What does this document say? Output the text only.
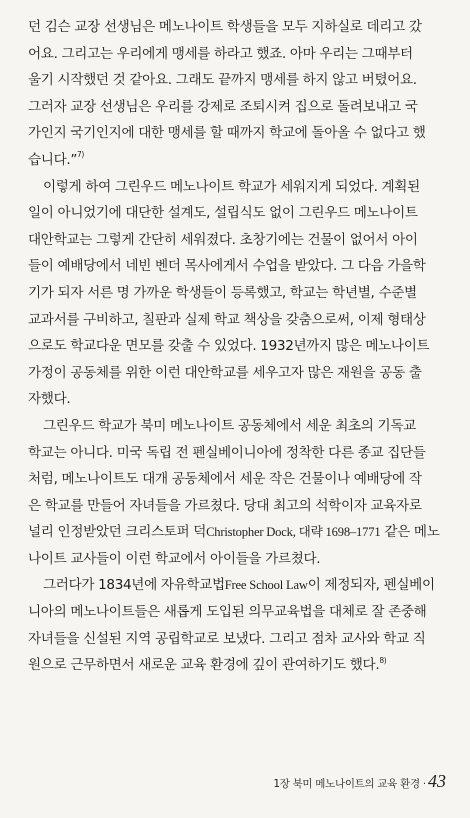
던 김슨 교장 선생님은 메노나이트 학생들을 모두 지하실로 데리고 갔
어요. 그리고는 우리에게 맹세를 하라고 했죠. 아마 우리는 그때부터
울기 시작했던 것 같아요. 그래도 끝까지 맹세를 하지 않고 버텼어요.
그러자 교장 선생님은 우리를 강제로 조퇴시켜 집으로 돌려보내고 국
가인지 국기인지에 대한 맹세를 할 때까지 학교에 돌아올 수 없다고 했
습니다.”$^{7)}$
이렇게 하여 그린우드 메노나이트 학교가 세워지게 되었다. 계획된
일이 아니었기에 대단한 설계도, 설립식도 없이 그린우드 메노나이트
대안학교는 그렇게 간단히 세워졌다. 초창기에는 건물이 없어서 아이
들이 예배당에서 네빈 벤더 목사에게서 수업을 받았다. 그 다음 가을학
기가 되자 서른 명 가까운 학생들이 등록했고, 학교는 학년별, 수준별
교과서를 구비하고, 칠판과 실제 학교 책상을 갖춤으로써, 이제 형태상
으로도 학교다운 면모를 갖출 수 있었다. 1932년까지 많은 메노나이트
가정이 공동체를 위한 이런 대안학교를 세우고자 많은 재원을 공동 출
자했다.
그린우드 학교가 북미 메노나이트 공동체에서 세운 최초의 기독교
학교는 아니다. 미국 독립 전 펜실베이니아에 정착한 다른 종교 집단들
처럼, 메노나이트도 대개 공동체에서 세운 작은 건물이나 예배당에 작
은 학교를 만들어 자녀들을 가르쳤다. 당대 최고의 석학이자 교육자로
널리 인정받았던 크리스토퍼 덕Christopher Dock, 대략 1698–1771 같은 메노
나이트 교사들이 이런 학교에서 아이들을 가르쳤다.
그러다가 1834년에 자유학교법Free School Law이 제정되자, 펜실베이
니아의 메노나이트들은 새롭게 도입된 의무교육법을 대체로 잘 존중해
자녀들을 신설된 지역 공립학교로 보냈다. 그리고 점차 교사와 학교 직
원으로 근무하면서 새로운 교육 환경에 깊이 관여하기도 했다.$^{8)}$
1장 북미 메노나이트의 교육 환경 · 43
